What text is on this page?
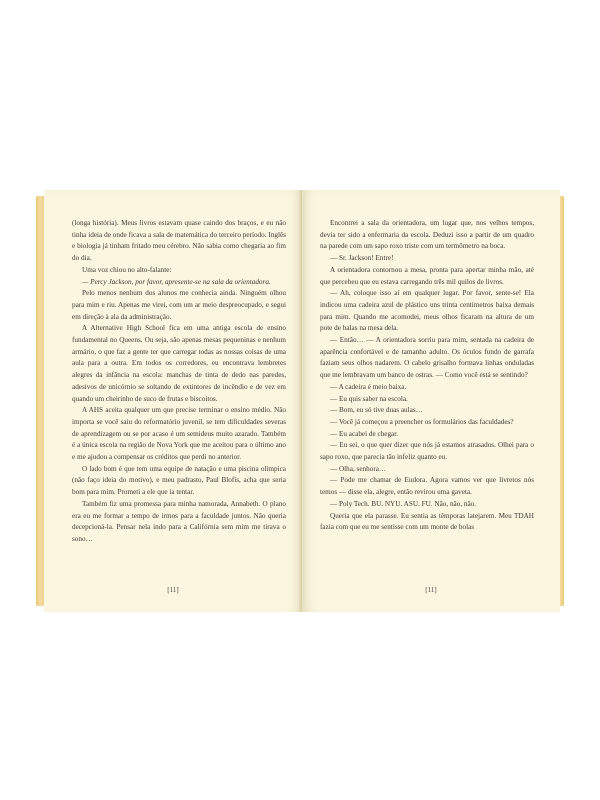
(longa história). Meus livros estavam quase caindo dos braços, e eu não tinha ideia de onde ficava a sala de matemática do terceiro período. Inglês e biologia já tinham fritado meu cérebro. Não sabia como chegaria ao fim do dia.

Uma voz chiou no alto-falante:

— Percy Jackson, por favor, apresente-se na sala da orientadora.

Pelo menos nenhum dos alunos me conhecia ainda. Ninguém olhou para mim e riu. Apenas me virei, com um ar meio despreocupado, e segui em direção à ala da administração.

A Alternative High School fica em uma antiga escola de ensino fundamental no Queens. Ou seja, são apenas mesas pequeninas e nenhum armário, o que faz a gente ter que carregar todas as nossas coisas de uma aula para a outra. Em todos os corredores, eu encontrava lembretes alegres da infância na escola: manchas de tinta de dedo nas paredes, adesivos de unicórnio se soltando de extintores de incêndio e de vez em quando um cheirinho de suco de frutas e biscoitos.

A AHS aceita qualquer um que precise terminar o ensino médio. Não importa se você saiu do reformatório juvenil, se tem dificuldades severas de aprendizagem ou se por acaso é um semideus muito azarado. Também é a única escola na região de Nova York que me aceitou para o último ano e me ajudou a compensar os créditos que perdi no anterior.

O lado bom é que tem uma equipe de natação e uma piscina olímpica (não faço ideia do motivo), e meu padrasto, Paul Blofis, acha que seria bom para mim. Prometi a ele que ia tentar.

Também fiz uma promessa para minha namorada, Annabeth. O plano era eu me formar a tempo de irmos para a faculdade juntos. Não queria decepcioná-la. Pensar nela indo para a Califórnia sem mim me tirava o sono…

[11]

Encontrei a sala da orientadora, um lugar que, nos velhos tempos, devia ter sido a enfermaria da escola. Deduzi isso a partir de um quadro na parede com um sapo roxo triste com um termômetro na boca.

— Sr. Jackson! Entre!

A orientadora contornou a mesa, pronta para apertar minha mão, até que percebeu que eu estava carregando três mil quilos de livros.

— Ah, coloque isso aí em qualquer lugar. Por favor, sente-se! Ela indicou uma cadeira azul de plástico uns trinta centímetros baixa demais para mim. Quando me acomodei, meus olhos ficaram na altura de um pote de balas na mesa dela.

— Então… — A orientadora sorriu para mim, sentada na cadeira de aparência confortável e de tamanho adulto. Os óculos fundo de garrafa faziam seus olhos nadarem. O cabelo grisalho formava linhas onduladas que me lembravam um banco de ostras. — Como você está se sentindo?

— A cadeira é meio baixa.

— Eu quis saber na escola.

— Bom, eu só tive duas aulas…

— Você já começou a preencher os formulários das faculdades?

— Eu acabei de chegar.

— Eu sei, o que quer dizer que nós já estamos atrasados. Olhei para o sapo roxo, que parecia tão infeliz quanto eu.

— Olha, senhora…

— Pode me chamar de Eudora. Agora vamos ver que livretos nós temos — disse ela, alegre, então revirou uma gaveta.

— Poly Tech. BU. NYU. ASU. FU. Não, não, não.

Queria que ela parasse. Eu sentia as têmporas latejarem. Meu TDAH fazia com que eu me sentisse com um monte de bolas

[11]
